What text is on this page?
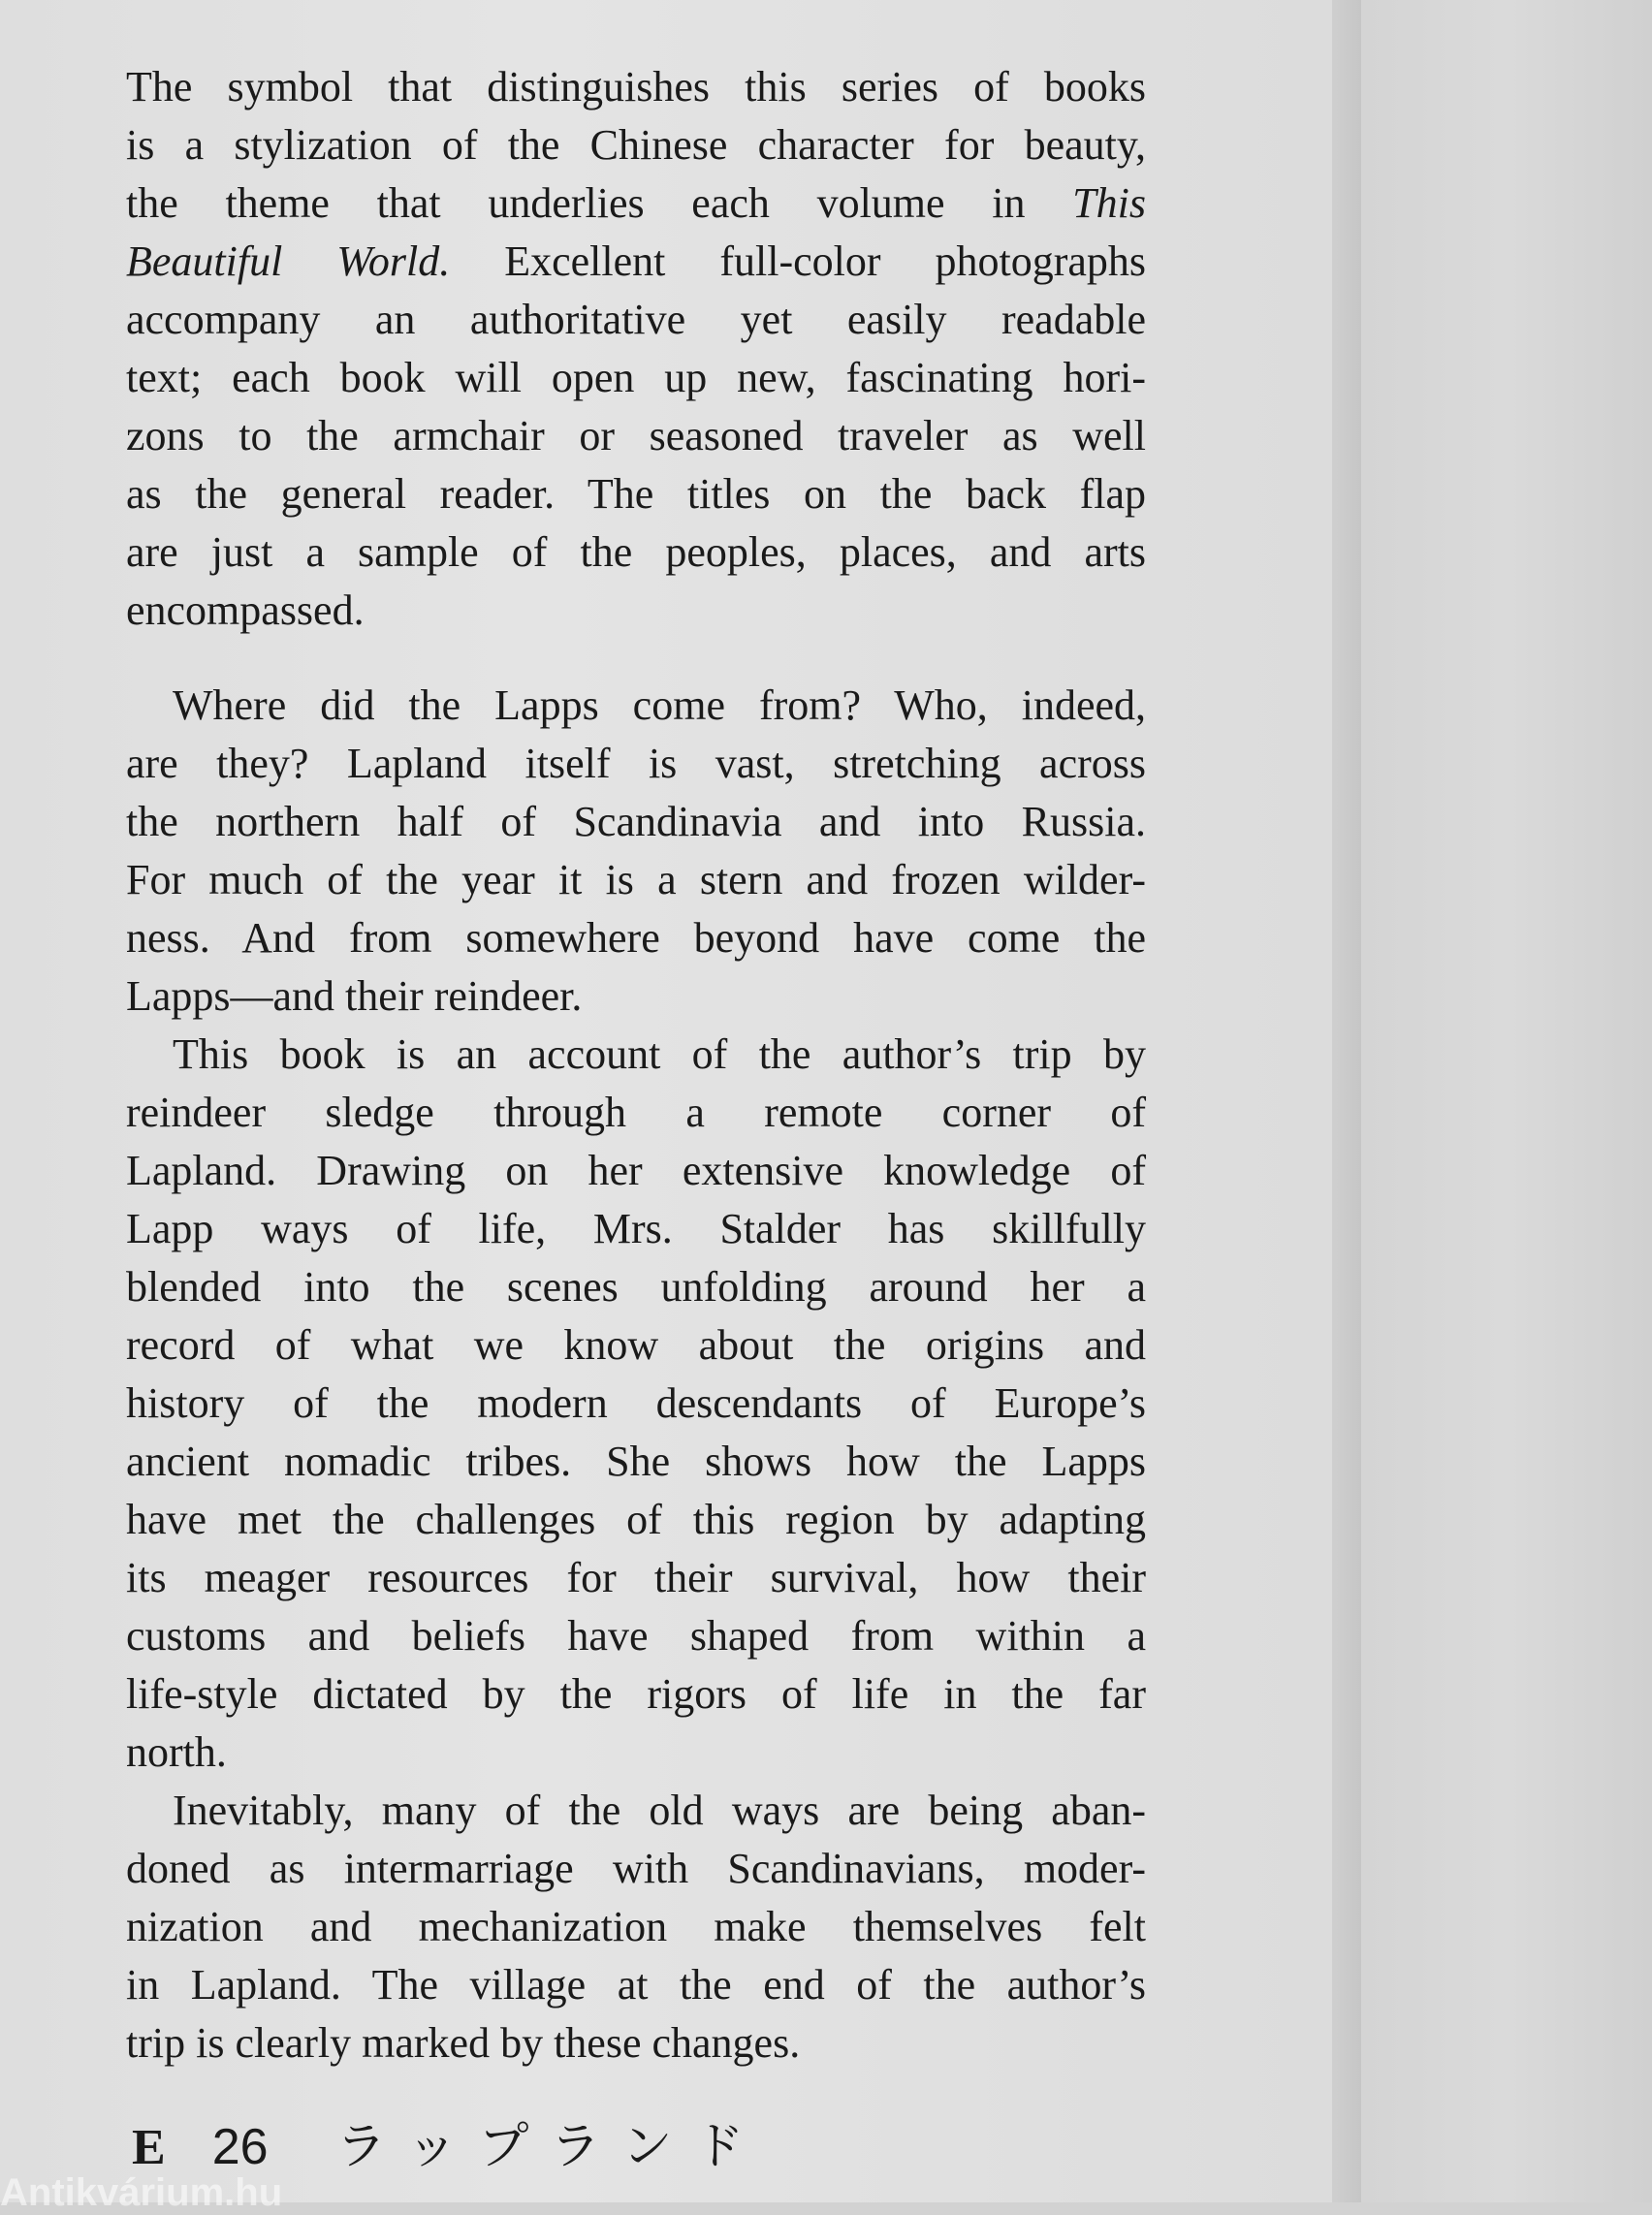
The symbol that distinguishes this series of books
is a stylization of the Chinese character for beauty,
the theme that underlies each volume in This
Beautiful World. Excellent full-color photographs
accompany an authoritative yet easily readable
text; each book will open up new, fascinating hori-
zons to the armchair or seasoned traveler as well
as the general reader. The titles on the back flap
are just a sample of the peoples, places, and arts
encompassed.
Where did the Lapps come from? Who, indeed,
are they? Lapland itself is vast, stretching across
the northern half of Scandinavia and into Russia.
For much of the year it is a stern and frozen wilder-
ness. And from somewhere beyond have come the
Lapps—and their reindeer.
This book is an account of the author’s trip by
reindeer sledge through a remote corner of
Lapland. Drawing on her extensive knowledge of
Lapp ways of life, Mrs. Stalder has skillfully
blended into the scenes unfolding around her a
record of what we know about the origins and
history of the modern descendants of Europe’s
ancient nomadic tribes. She shows how the Lapps
have met the challenges of this region by adapting
its meager resources for their survival, how their
customs and beliefs have shaped from within a
life-style dictated by the rigors of life in the far
north.
Inevitably, many of the old ways are being aban-
doned as intermarriage with Scandinavians, moder-
nization and mechanization make themselves felt
in Lapland. The village at the end of the author’s
trip is clearly marked by these changes.
E 26 ラップランド
Antikvárium.hu
